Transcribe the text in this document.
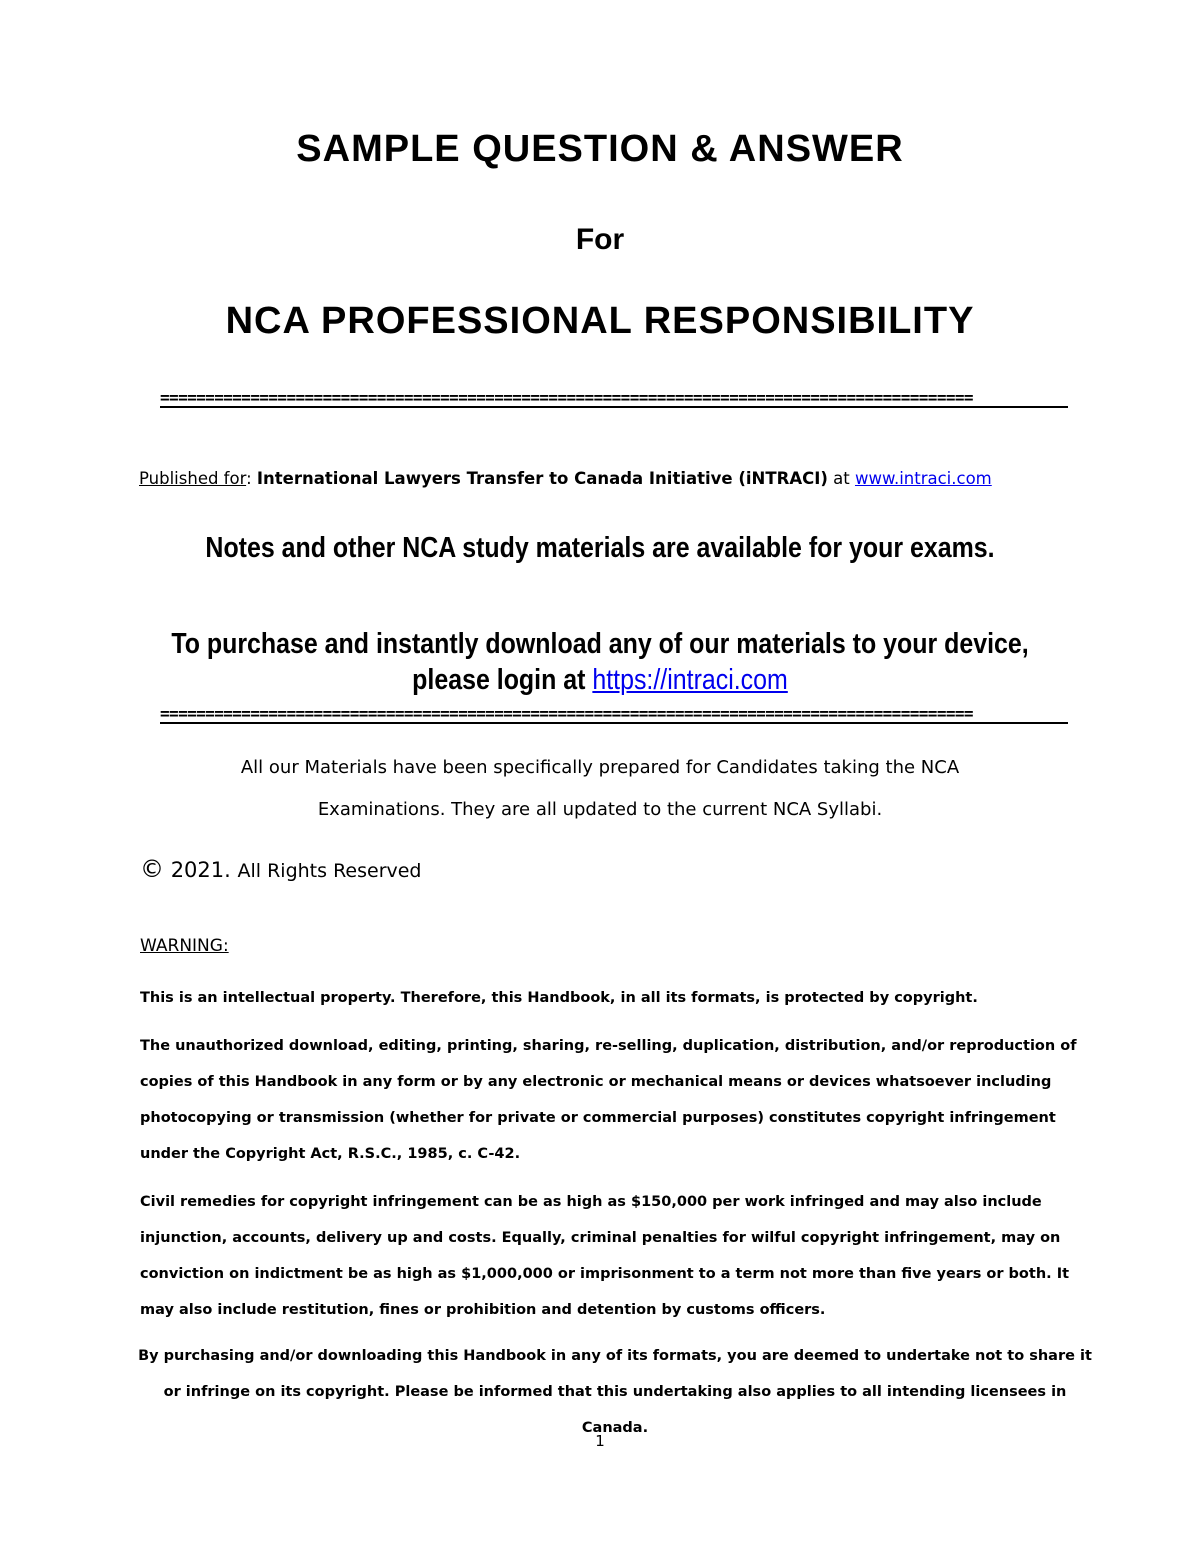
SAMPLE QUESTION & ANSWER
For
NCA PROFESSIONAL RESPONSIBILITY
==========================================================================================
Published for: International Lawyers Transfer to Canada Initiative (iNTRACI) at www.intraci.com
Notes and other NCA study materials are available for your exams.
To purchase and instantly download any of our materials to your device,
please login at https://intraci.com
==========================================================================================
All our Materials have been specifically prepared for Candidates taking the NCA
Examinations. They are all updated to the current NCA Syllabi.
© 2021. All Rights Reserved
WARNING:
This is an intellectual property. Therefore, this Handbook, in all its formats, is protected by copyright.
The unauthorized download, editing, printing, sharing, re-selling, duplication, distribution, and/or reproduction of copies of this Handbook in any form or by any electronic or mechanical means or devices whatsoever including photocopying or transmission (whether for private or commercial purposes) constitutes copyright infringement under the Copyright Act, R.S.C., 1985, c. C-42.
Civil remedies for copyright infringement can be as high as $150,000 per work infringed and may also include injunction, accounts, delivery up and costs. Equally, criminal penalties for wilful copyright infringement, may on conviction on indictment be as high as $1,000,000 or imprisonment to a term not more than five years or both. It may also include restitution, fines or prohibition and detention by customs officers.
By purchasing and/or downloading this Handbook in any of its formats, you are deemed to undertake not to share it or infringe on its copyright. Please be informed that this undertaking also applies to all intending licensees in Canada.
1
